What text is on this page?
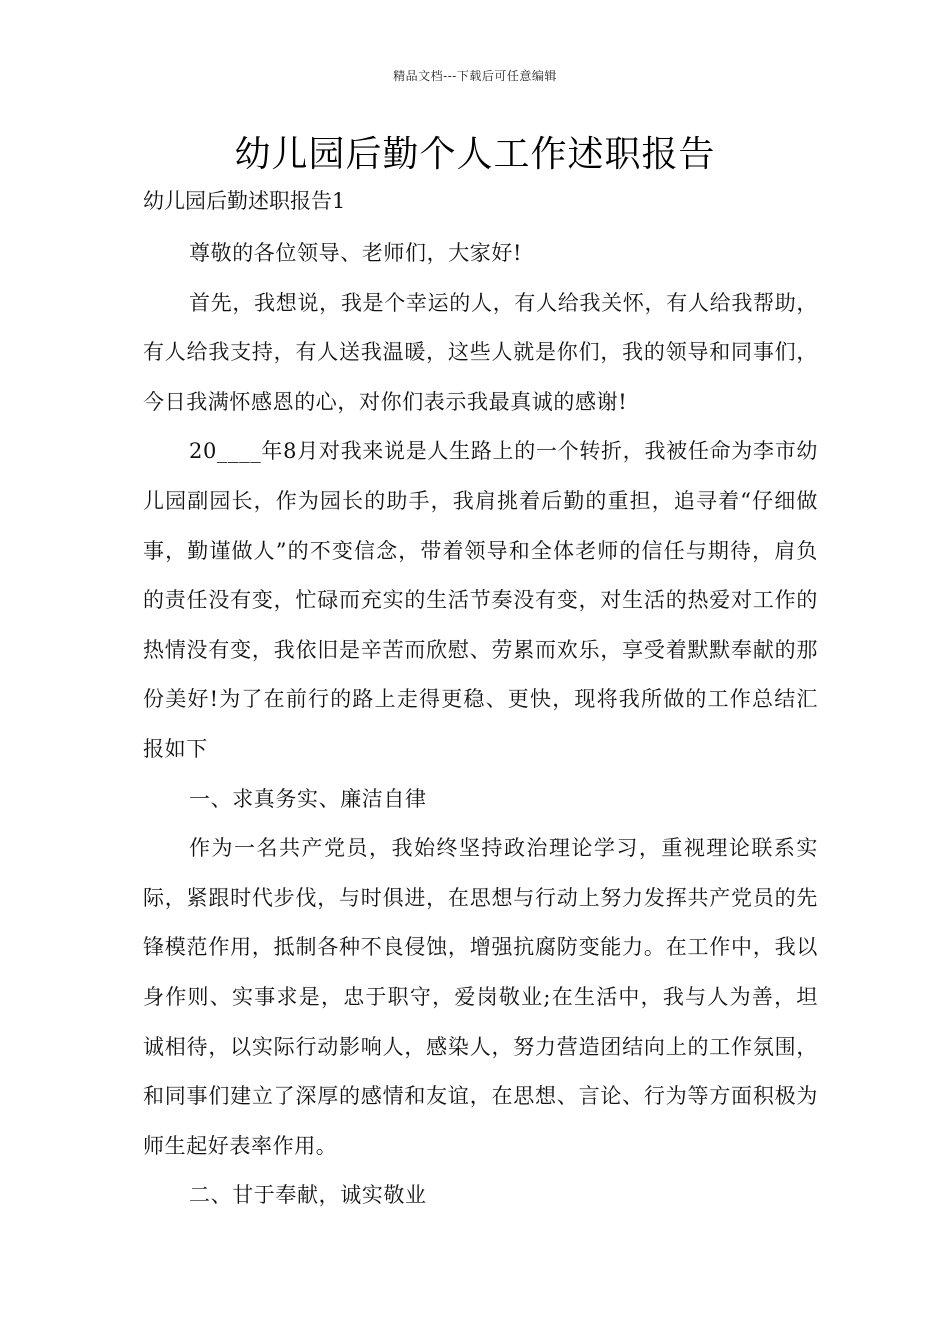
精品文档---下载后可任意编辑
幼儿园后勤个人工作述职报告

幼儿园后勤述职报告1

尊敬的各位领导、老师们，大家好!

首先，我想说，我是个幸运的人，有人给我关怀，有人给我帮助，有人给我支持，有人送我温暖，这些人就是你们，我的领导和同事们，今日我满怀感恩的心，对你们表示我最真诚的感谢!

20____年8月对我来说是人生路上的一个转折，我被任命为李市幼儿园副园长，作为园长的助手，我肩挑着后勤的重担，追寻着“仔细做事，勤谨做人”的不变信念，带着领导和全体老师的信任与期待，肩负的责任没有变，忙碌而充实的生活节奏没有变，对生活的热爱对工作的热情没有变，我依旧是辛苦而欣慰、劳累而欢乐，享受着默默奉献的那份美好!为了在前行的路上走得更稳、更快，现将我所做的工作总结汇报如下

一、求真务实、廉洁自律

作为一名共产党员，我始终坚持政治理论学习，重视理论联系实际，紧跟时代步伐，与时俱进，在思想与行动上努力发挥共产党员的先锋模范作用，抵制各种不良侵蚀，增强抗腐防变能力。在工作中，我以身作则、实事求是，忠于职守，爱岗敬业;在生活中，我与人为善，坦诚相待，以实际行动影响人，感染人，努力营造团结向上的工作氛围，和同事们建立了深厚的感情和友谊，在思想、言论、行为等方面积极为师生起好表率作用。

二、甘于奉献，诚实敬业
